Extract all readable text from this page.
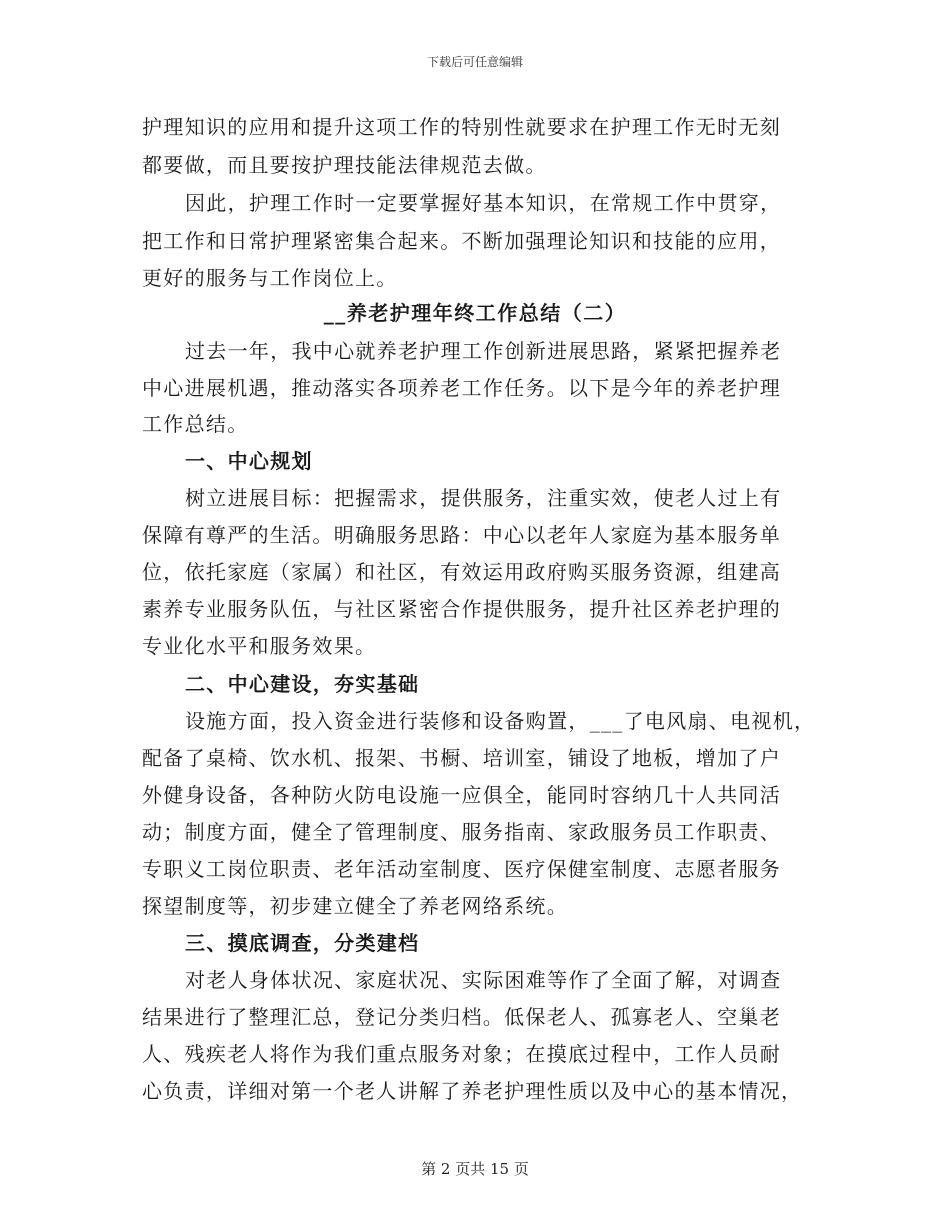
下载后可任意编辑
护理知识的应用和提升这项工作的特别性就要求在护理工作无时无刻
都要做，而且要按护理技能法律规范去做。
因此，护理工作时一定要掌握好基本知识，在常规工作中贯穿，
把工作和日常护理紧密集合起来。不断加强理论知识和技能的应用，
更好的服务与工作岗位上。
__养老护理年终工作总结（二）
过去一年，我中心就养老护理工作创新进展思路，紧紧把握养老
中心进展机遇，推动落实各项养老工作任务。以下是今年的养老护理
工作总结。
一、中心规划
树立进展目标：把握需求，提供服务，注重实效，使老人过上有
保障有尊严的生活。明确服务思路：中心以老年人家庭为基本服务单
位，依托家庭（家属）和社区，有效运用政府购买服务资源，组建高
素养专业服务队伍，与社区紧密合作提供服务，提升社区养老护理的
专业化水平和服务效果。
二、中心建设，夯实基础
设施方面，投入资金进行装修和设备购置，___了电风扇、电视机，
配备了桌椅、饮水机、报架、书橱、培训室，铺设了地板，增加了户
外健身设备，各种防火防电设施一应俱全，能同时容纳几十人共同活
动；制度方面，健全了管理制度、服务指南、家政服务员工作职责、
专职义工岗位职责、老年活动室制度、医疗保健室制度、志愿者服务
探望制度等，初步建立健全了养老网络系统。
三、摸底调查，分类建档
对老人身体状况、家庭状况、实际困难等作了全面了解，对调查
结果进行了整理汇总，登记分类归档。低保老人、孤寡老人、空巢老
人、残疾老人将作为我们重点服务对象；在摸底过程中，工作人员耐
心负责，详细对第一个老人讲解了养老护理性质以及中心的基本情况，
第 2 页共 15 页
